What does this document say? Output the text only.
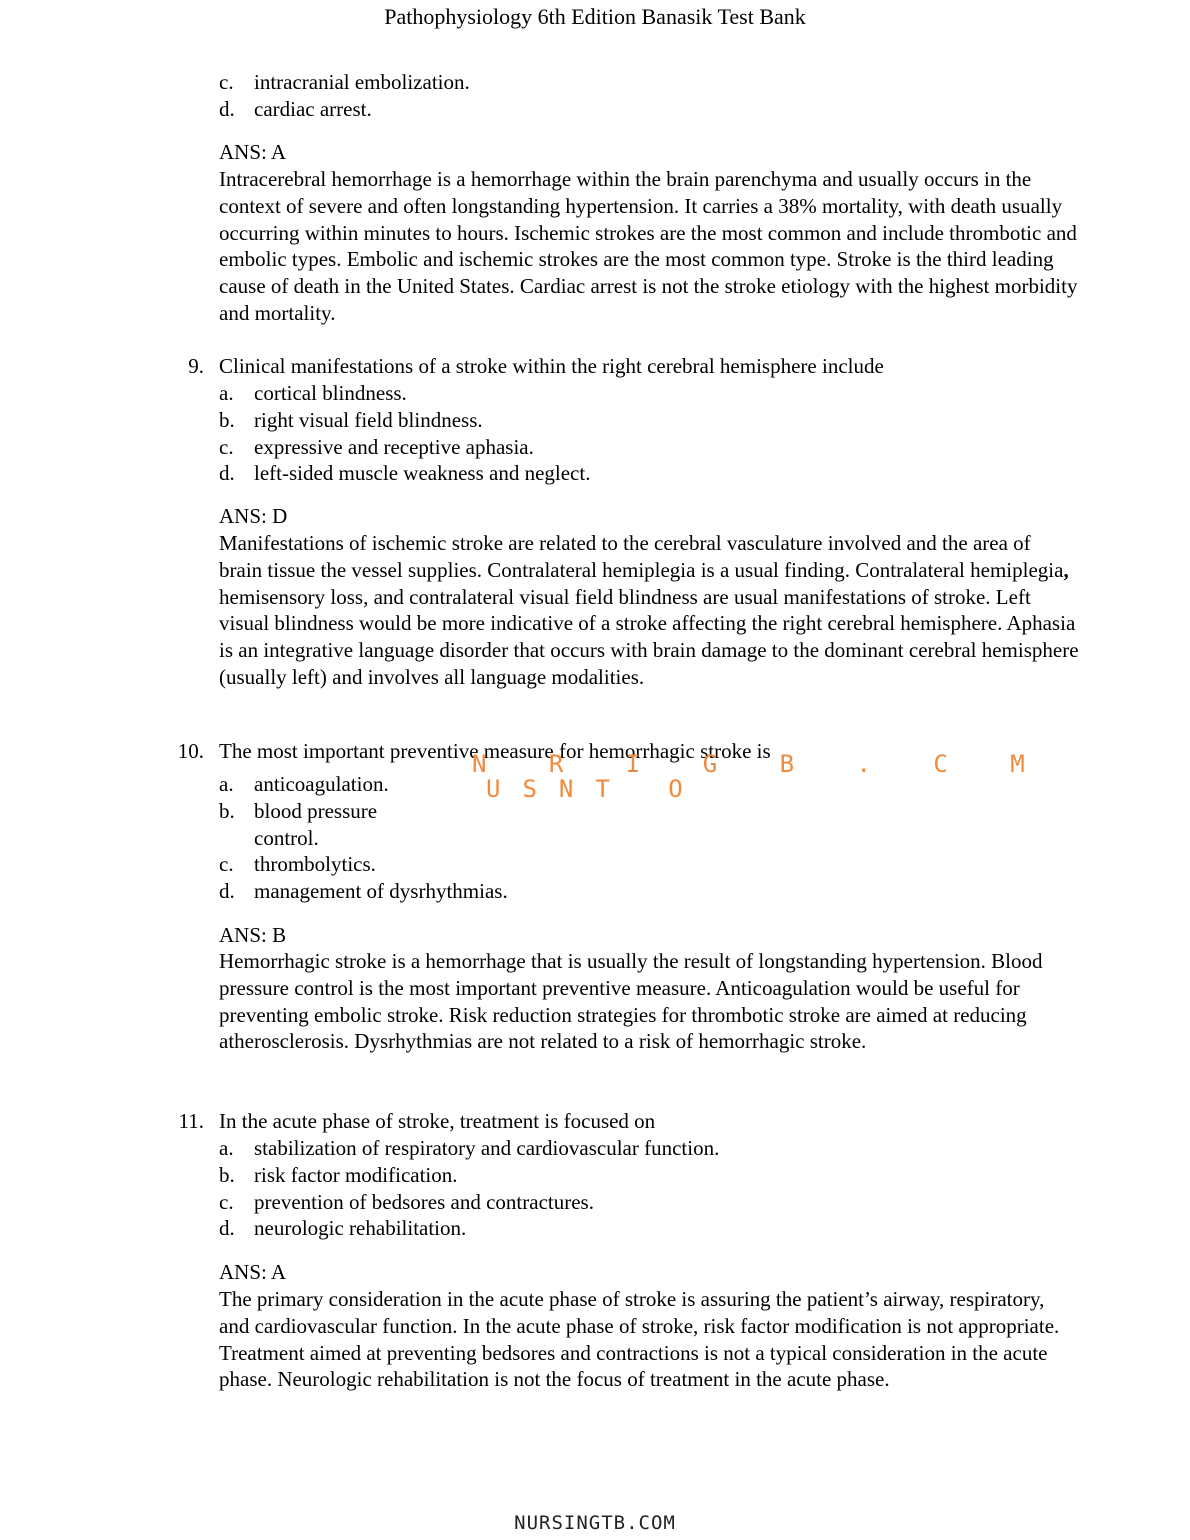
Pathophysiology 6th Edition Banasik Test Bank
c. intracranial embolization.
d. cardiac arrest.
ANS: A
Intracerebral hemorrhage is a hemorrhage within the brain parenchyma and usually occurs in the context of severe and often longstanding hypertension. It carries a 38% mortality, with death usually occurring within minutes to hours. Ischemic strokes are the most common and include thrombotic and embolic types. Embolic and ischemic strokes are the most common type. Stroke is the third leading cause of death in the United States. Cardiac arrest is not the stroke etiology with the highest morbidity and mortality.
9. Clinical manifestations of a stroke within the right cerebral hemisphere include
a. cortical blindness.
b. right visual field blindness.
c. expressive and receptive aphasia.
d. left-sided muscle weakness and neglect.
ANS: D
Manifestations of ischemic stroke are related to the cerebral vasculature involved and the area of brain tissue the vessel supplies. Contralateral hemiplegia is a usual finding. Contralateral hemiplegia, hemisensory loss, and contralateral visual field blindness are usual manifestations of stroke. Left visual blindness would be more indicative of a stroke affecting the right cerebral hemisphere. Aphasia is an integrative language disorder that occurs with brain damage to the dominant cerebral hemisphere (usually left) and involves all language modalities.
10. The most important preventive measure for hemorrhagic stroke is
a. anticoagulation.
b. blood pressure control.
c. thrombolytics.
d. management of dysrhythmias.
ANS: B
Hemorrhagic stroke is a hemorrhage that is usually the result of longstanding hypertension. Blood pressure control is the most important preventive measure. Anticoagulation would be useful for preventing embolic stroke. Risk reduction strategies for thrombotic stroke are aimed at reducing atherosclerosis. Dysrhythmias are not related to a risk of hemorrhagic stroke.
N R I G B . C M
USNT O
11. In the acute phase of stroke, treatment is focused on
a. stabilization of respiratory and cardiovascular function.
b. risk factor modification.
c. prevention of bedsores and contractures.
d. neurologic rehabilitation.
ANS: A
The primary consideration in the acute phase of stroke is assuring the patient’s airway, respiratory, and cardiovascular function. In the acute phase of stroke, risk factor modification is not appropriate. Treatment aimed at preventing bedsores and contractions is not a typical consideration in the acute phase. Neurologic rehabilitation is not the focus of treatment in the acute phase.
NURSINGTB.COM
